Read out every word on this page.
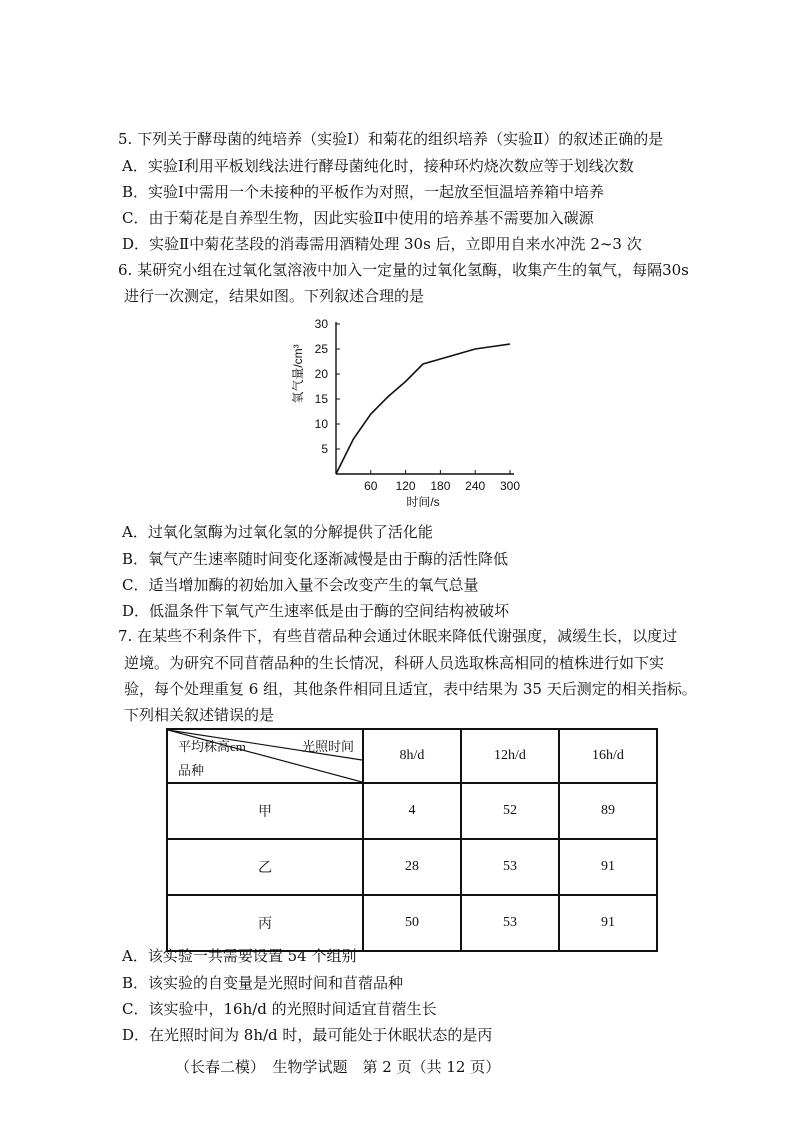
5. 下列关于酵母菌的纯培养（实验Ⅰ）和菊花的组织培养（实验Ⅱ）的叙述正确的是
A．实验Ⅰ利用平板划线法进行酵母菌纯化时，接种环灼烧次数应等于划线次数
B．实验Ⅰ中需用一个未接种的平板作为对照，一起放至恒温培养箱中培养
C．由于菊花是自养型生物，因此实验Ⅱ中使用的培养基不需要加入碳源
D．实验Ⅱ中菊花茎段的消毒需用酒精处理 30s 后，立即用自来水冲洗 2~3 次
6. 某研究小组在过氧化氢溶液中加入一定量的过氧化氢酶，收集产生的氧气，每隔30s
进行一次测定，结果如图。下列叙述合理的是
60 120 180 240 300
5
10
15
20
25
30
时间/s
氧气量/cm³
A．过氧化氢酶为过氧化氢的分解提供了活化能
B．氧气产生速率随时间变化逐渐减慢是由于酶的活性降低
C．适当增加酶的初始加入量不会改变产生的氧气总量
D．低温条件下氧气产生速率低是由于酶的空间结构被破坏
7. 在某些不利条件下，有些苜蓿品种会通过休眠来降低代谢强度，减缓生长，以度过
逆境。为研究不同苜蓿品种的生长情况，科研人员选取株高相同的植株进行如下实
验，每个处理重复 6 组，其他条件相同且适宜，表中结果为 35 天后测定的相关指标。
下列相关叙述错误的是
平均株高cm 光照时间
品种	8h/d	12h/d	16h/d
甲	4	52	89
乙	28	53	91
丙	50	53	91
A．该实验一共需要设置 54 个组别
B．该实验的自变量是光照时间和苜蓿品种
C．该实验中，16h/d 的光照时间适宜苜蓿生长
D．在光照时间为 8h/d 时，最可能处于休眠状态的是丙
（长春二模）　生物学试题　第 2 页（共 12 页）
